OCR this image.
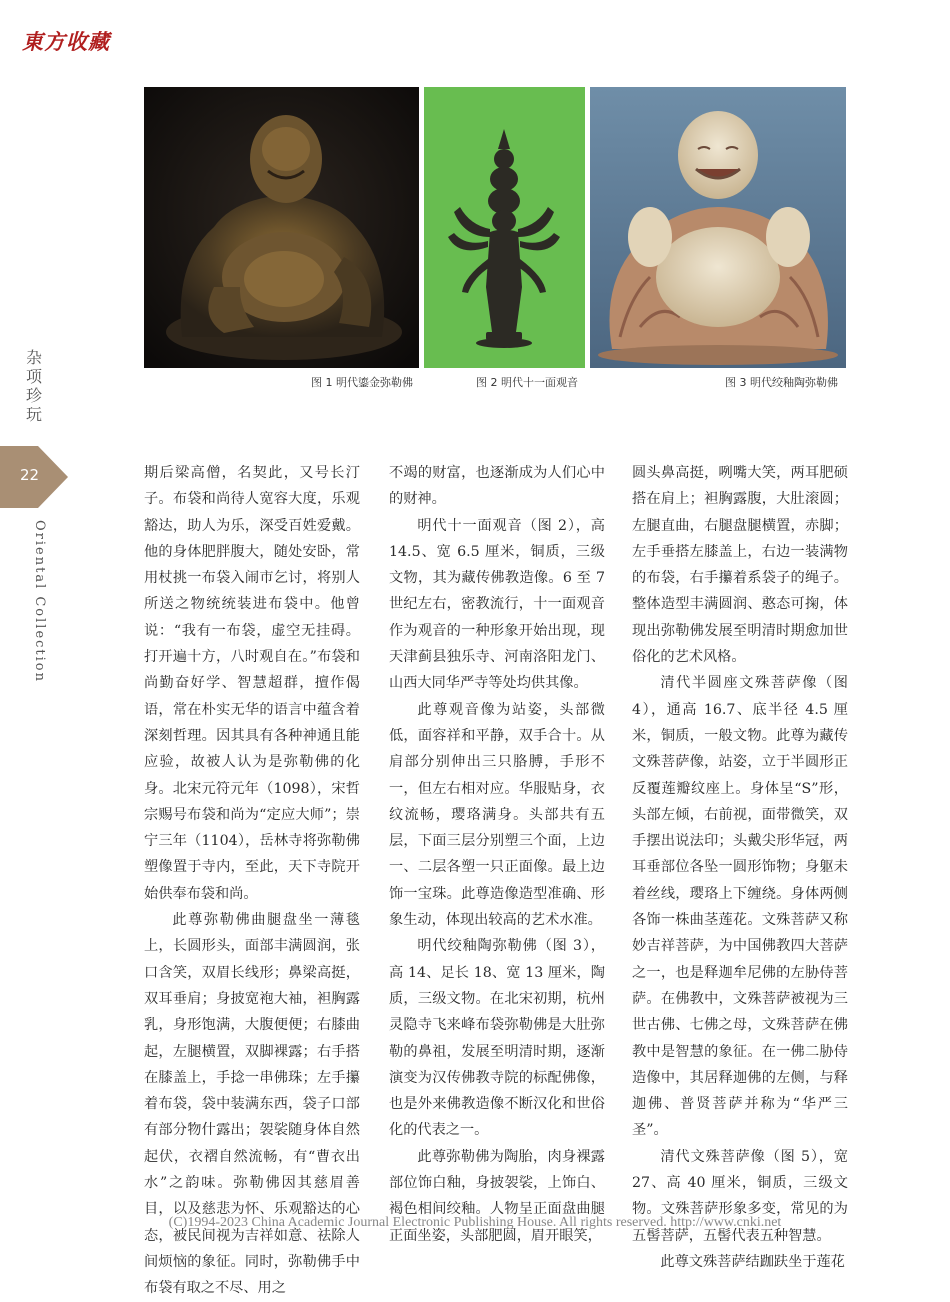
東方收藏
图 1 明代鎏金弥勒佛	图 2 明代十一面观音	图 3 明代绞釉陶弥勒佛
杂项珍玩
22
Oriental Collection

期后梁高僧，名契此，又号长汀子。布袋和尚待人宽容大度，乐观豁达，助人为乐，深受百姓爱戴。他的身体肥胖腹大，随处安卧，常用杖挑一布袋入闹市乞讨，将别人所送之物统统装进布袋中。他曾说：“我有一布袋，虚空无挂碍。打开遍十方，八时观自在。”布袋和尚勤奋好学、智慧超群，擅作偈语，常在朴实无华的语言中蕴含着深刻哲理。因其具有各种神通且能应验，故被人认为是弥勒佛的化身。北宋元符元年（1098），宋哲宗赐号布袋和尚为“定应大师”；崇宁三年（1104），岳林寺将弥勒佛塑像置于寺内，至此，天下寺院开始供奉布袋和尚。

此尊弥勒佛曲腿盘坐一薄毯上，长圆形头，面部丰满圆润，张口含笑，双眉长线形；鼻梁高挺，双耳垂肩；身披宽袍大袖，袒胸露乳，身形饱满，大腹便便；右膝曲起，左腿横置，双脚裸露；右手搭在膝盖上，手捻一串佛珠；左手攥着布袋，袋中装满东西，袋子口部有部分物什露出；袈裟随身体自然起伏，衣褶自然流畅，有“曹衣出水”之韵味。弥勒佛因其慈眉善目，以及慈悲为怀、乐观豁达的心态，被民间视为吉祥如意、祛除人间烦恼的象征。同时，弥勒佛手中布袋有取之不尽、用之

不竭的财富，也逐渐成为人们心中的财神。

明代十一面观音（图 2），高 14.5、宽 6.5 厘米，铜质，三级文物，其为藏传佛教造像。6 至 7 世纪左右，密教流行，十一面观音作为观音的一种形象开始出现，现天津蓟县独乐寺、河南洛阳龙门、山西大同华严寺等处均供其像。

此尊观音像为站姿，头部微低，面容祥和平静，双手合十。从肩部分别伸出三只胳膊，手形不一，但左右相对应。华服贴身，衣纹流畅，璎珞满身。头部共有五层，下面三层分别塑三个面，上边一、二层各塑一只正面像。最上边饰一宝珠。此尊造像造型准确、形象生动，体现出较高的艺术水准。

明代绞釉陶弥勒佛（图 3），高 14、足长 18、宽 13 厘米，陶质，三级文物。在北宋初期，杭州灵隐寺飞来峰布袋弥勒佛是大肚弥勒的鼻祖，发展至明清时期，逐渐演变为汉传佛教寺院的标配佛像，也是外来佛教造像不断汉化和世俗化的代表之一。

此尊弥勒佛为陶胎，肉身裸露部位饰白釉，身披袈裟，上饰白、褐色相间绞釉。人物呈正面盘曲腿正面坐姿，头部肥圆，眉开眼笑，

圆头鼻高挺，咧嘴大笑，两耳肥硕搭在肩上；袒胸露腹，大肚滚圆；左腿直曲，右腿盘腿横置，赤脚；左手垂搭左膝盖上，右边一装满物的布袋，右手攥着系袋子的绳子。整体造型丰满圆润、憨态可掬，体现出弥勒佛发展至明清时期愈加世俗化的艺术风格。

清代半圆座文殊菩萨像（图 4），通高 16.7、底半径 4.5 厘米，铜质，一般文物。此尊为藏传文殊菩萨像，站姿，立于半圆形正反覆莲瓣纹座上。身体呈“S”形，头部左倾，右前视，面带微笑，双手摆出说法印；头戴尖形华冠，两耳垂部位各坠一圆形饰物；身躯未着丝线，璎珞上下缠绕。身体两侧各饰一株曲茎莲花。文殊菩萨又称妙吉祥菩萨，为中国佛教四大菩萨之一，也是释迦牟尼佛的左胁侍菩萨。在佛教中，文殊菩萨被视为三世古佛、七佛之母，文殊菩萨在佛教中是智慧的象征。在一佛二胁侍造像中，其居释迦佛的左侧，与释迦佛、普贤菩萨并称为“华严三圣”。

清代文殊菩萨像（图 5），宽 27、高 40 厘米，铜质，三级文物。文殊菩萨形象多变，常见的为五髻菩萨，五髻代表五种智慧。

此尊文殊菩萨结跏趺坐于莲花

(C)1994-2023 China Academic Journal Electronic Publishing House. All rights reserved. http://www.cnki.net
